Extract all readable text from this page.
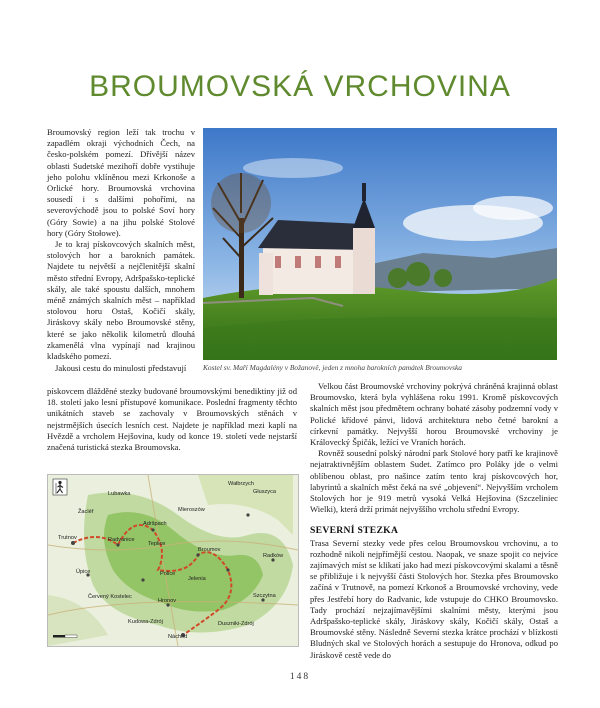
BROUMOVSKÁ VRCHOVINA

Broumovský region leží tak trochu v zapadlém okraji východních Čech, na česko-polském pomezí. Dřívější název oblasti Sudetské mezihoří dobře vystihuje jeho polohu vklíněnou mezi Krkonoše a Orlické hory. Broumovská vrchovina sousedí i s dalšími pohořími, na severovýchodě jsou to polské Soví hory (Góry Sowie) a na jihu polské Stolové hory (Góry Stołowe).

Je to kraj pískovcových skalních měst, stolových hor a barokních památek. Najdete tu největší a nejčlenitější skalní město střední Evropy, Adršpašsko-teplické skály, ale také spoustu dalších, mnohem méně známých skalních měst – například stolovou horu Ostaš, Kočičí skály, Jiráskovy skály nebo Broumovské stěny, které se jako několik kilometrů dlouhá zkamenělá vlna vypínají nad krajinou kladského pomezí.

Kostel sv. Maří Magdalény v Božanově, jeden z mnoha barokních památek Broumovska

Jakousi cestu do minulosti představují

pískovcem dlážděné stezky budované broumovskými benediktiny již od 18. století jako lesní přístupové komunikace. Poslední fragmenty těchto unikátních staveb se zachovaly v Broumovských stěnách v nejstrmějších úsecích lesních cest. Najdete je například mezi kaplí na Hvězdě a vrcholem Hejšovina, kudy od konce 19. století vede nejstarší značená turistická stezka Broumovska.

Velkou část Broumovské vrchoviny pokrývá chráněná krajinná oblast Broumovsko, která byla vyhlášena roku 1991. Kromě pískovcových skalních měst jsou předmětem ochrany bohaté zásoby podzemní vody v Polické křídové pánvi, lidová architektura nebo četné barokní a církevní památky. Nejvyšší horou Broumovské vrchoviny je Královecký Špičák, ležící ve Vraních horách.

Rovněž sousední polský národní park Stolové hory patří ke krajinově nejatraktivnějším oblastem Sudet. Zatímco pro Poláky jde o velmi oblíbenou oblast, pro našince zatím tento kraj pískovcových hor, labyrintů a skalních měst čeká na své „objevení“. Nejvyšším vrcholem Stolových hor je 919 metrů vysoká Velká Hejšovina (Szczeliniec Wielki), která drží primát nejvyššího vrcholu střední Evropy.

SEVERNÍ STEZKA

Trasa Severní stezky vede přes celou Broumovskou vrchovinu, a to rozhodně nikoli nejpřímější cestou. Naopak, ve snaze spojit co nejvíce zajímavých míst se klikatí jako had mezi pískovcovými skalami a těsně se přibližuje i k nejvyšší části Stolových hor. Stezka přes Broumovsko začíná v Trutnově, na pomezí Krkonoš a Broumovské vrchoviny, vede přes Jestřebí hory do Radvanic, kde vstupuje do CHKO Broumovsko. Tady prochází nejzajímavějšími skalními městy, kterými jsou Adršpašsko-teplické skály, Jiráskovy skály, Kočičí skály, Ostaš a Broumovské stěny. Následně Severní stezka krátce prochází v blízkosti Bludných skal ve Stolových horách a sestupuje do Hronova, odkud po Jiráskově cestě vede do

Trutnov	Radvanice
Adršpach
Teplice
Broumov
Police
Hronov
Náchod
Úpice
Červený Kostelec
Mieroszów
Głuszyca
Radków
Szczytna
Duszniki-Zdrój
Jelenia
Kudowa-Zdrój
Lubawka
Žacléř
Wałbrzych
148
